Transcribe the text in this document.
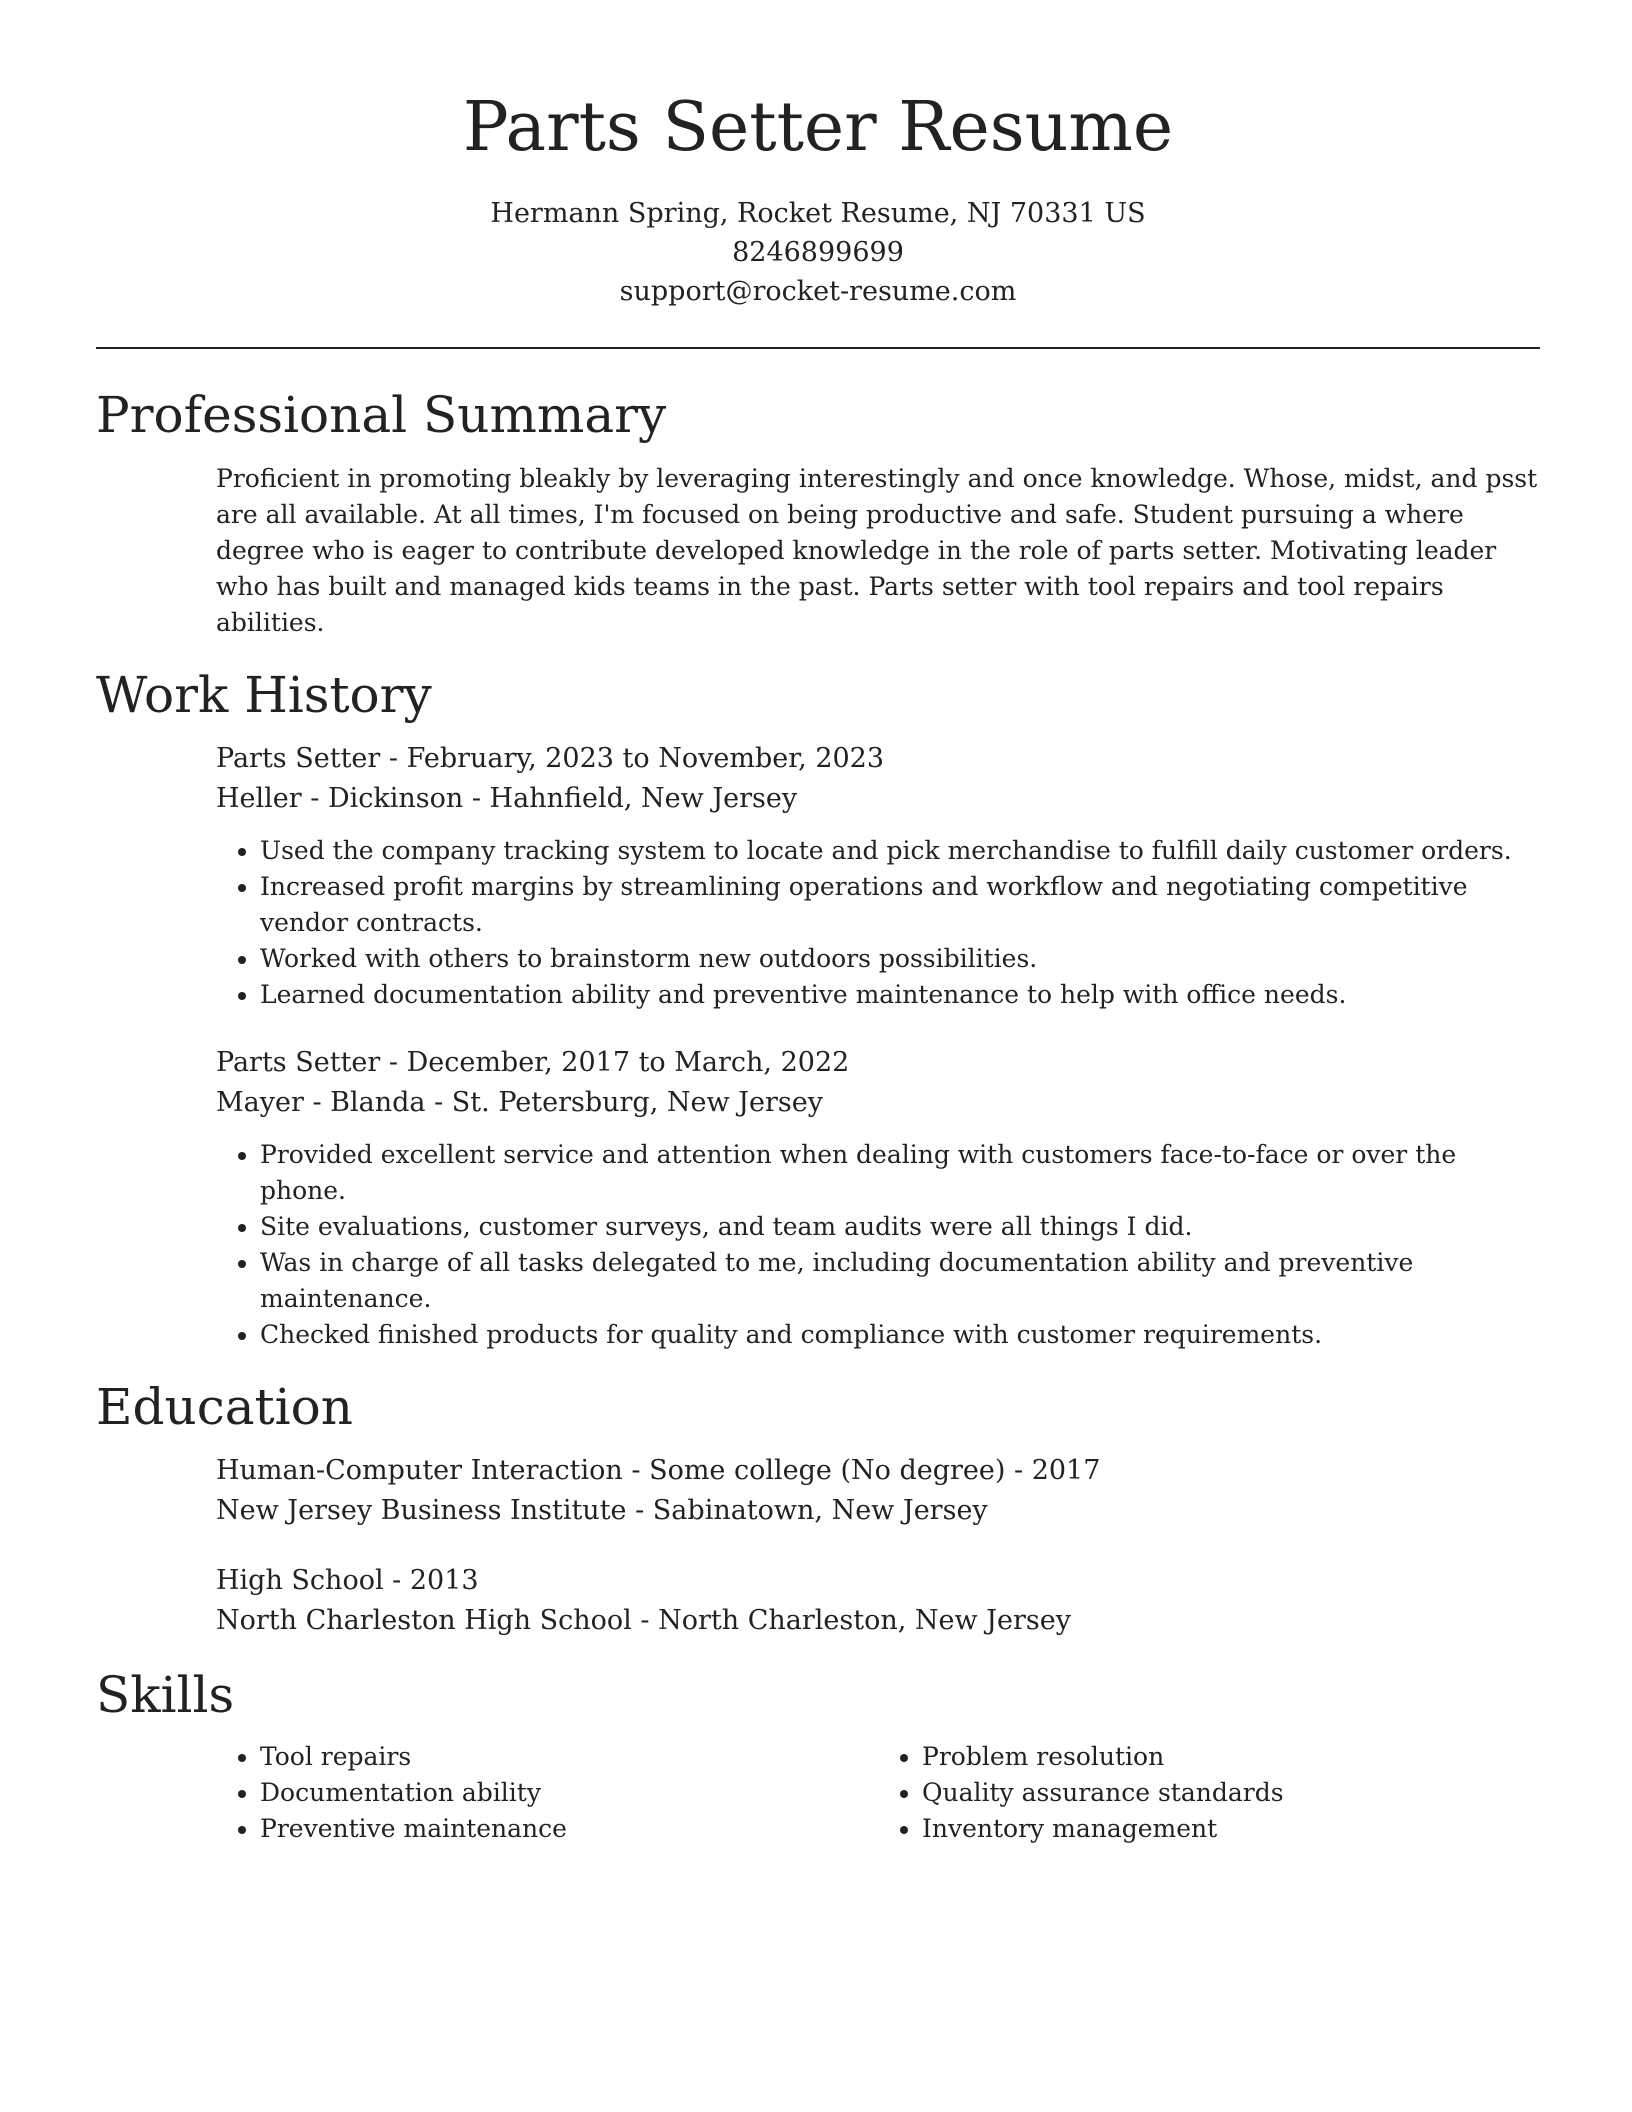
Parts Setter Resume
Hermann Spring, Rocket Resume, NJ 70331 US
8246899699
support@rocket-resume.com
Professional Summary

Proficient in promoting bleakly by leveraging interestingly and once knowledge. Whose, midst, and psst are all available. At all times, I'm focused on being productive and safe. Student pursuing a where degree who is eager to contribute developed knowledge in the role of parts setter. Motivating leader who has built and managed kids teams in the past. Parts setter with tool repairs and tool repairs abilities.

Work History
Parts Setter - February, 2023 to November, 2023
Heller - Dickinson - Hahnfield, New Jersey
• Used the company tracking system to locate and pick merchandise to fulfill daily customer orders.
• Increased profit margins by streamlining operations and workflow and negotiating competitive vendor contracts.
• Worked with others to brainstorm new outdoors possibilities.
• Learned documentation ability and preventive maintenance to help with office needs.
Parts Setter - December, 2017 to March, 2022
Mayer - Blanda - St. Petersburg, New Jersey
• Provided excellent service and attention when dealing with customers face-to-face or over the phone.
• Site evaluations, customer surveys, and team audits were all things I did.
• Was in charge of all tasks delegated to me, including documentation ability and preventive maintenance.
• Checked finished products for quality and compliance with customer requirements.
Education
Human-Computer Interaction - Some college (No degree) - 2017
New Jersey Business Institute - Sabinatown, New Jersey
High School - 2013
North Charleston High School - North Charleston, New Jersey
Skills
• Tool repairs
• Documentation ability
• Preventive maintenance
• Problem resolution
• Quality assurance standards
• Inventory management
